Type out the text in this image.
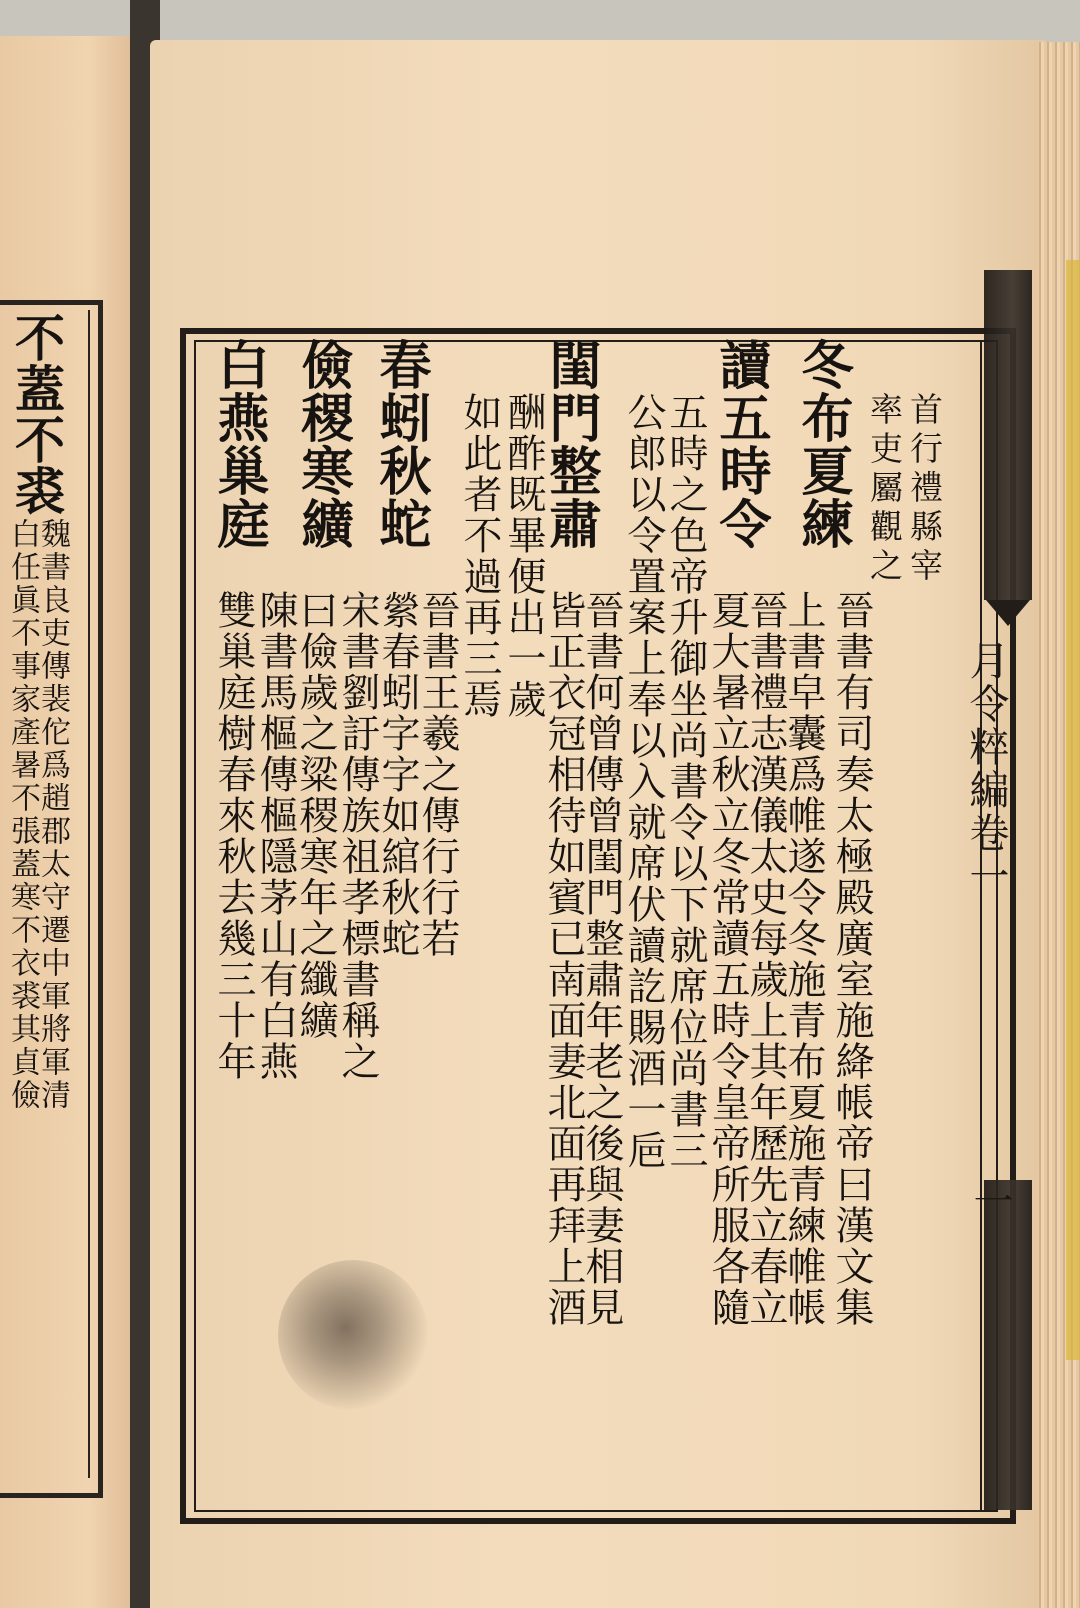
不蓋不裘
魏書良吏傳裴佗爲趙郡太守遷中軍將軍清
白任眞不事家產暑不張蓋寒不衣裘其貞儉	月令粹編卷一
一
首行禮縣宰
率吏屬觀之
冬布夏練
晉書有司奏太極殿廣室施絳帳帝曰漢文集
上書皁囊爲帷遂令冬施青布夏施青練帷帳
讀五時令
晉書禮志漢儀太史每歲上其年歷先立春立
夏大暑立秋立冬常讀五時令皇帝所服各隨
五時之色帝升御坐尚書令以下就席位尚書三
公郎以令置案上奉以入就席伏讀訖賜酒一巵
閨門整肅
晉書何曾傳曾閨門整肅年老之後與妻相見
皆正衣冠相待如賓已南面妻北面再拜上酒
酬酢既畢便出一歲
如此者不過再三焉
春蚓秋蛇
晉書王羲之傳行行若
縈春蚓字字如綰秋蛇
儉稷寒纊
宋書劉訏傳族祖孝標書稱之
曰儉歲之粱稷寒年之纖纊
白燕巢庭
陳書馬樞傳樞隱茅山有白燕
雙巢庭樹春來秋去幾三十年
